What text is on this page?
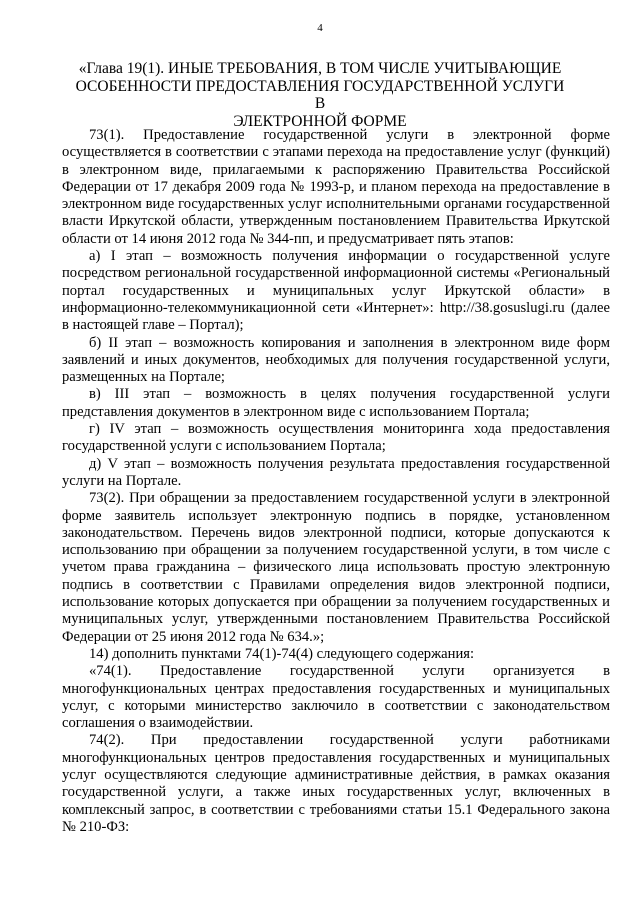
4
«Глава 19(1). ИНЫЕ ТРЕБОВАНИЯ, В ТОМ ЧИСЛЕ УЧИТЫВАЮЩИЕ
ОСОБЕННОСТИ ПРЕДОСТАВЛЕНИЯ ГОСУДАРСТВЕННОЙ УСЛУГИ В
ЭЛЕКТРОННОЙ ФОРМЕ

73(1). Предоставление государственной услуги в электронной форме осуществляется в соответствии с этапами перехода на предоставление услуг (функций) в электронном виде, прилагаемыми к распоряжению Правительства Российской Федерации от 17 декабря 2009 года № 1993-р, и планом перехода на предоставление в электронном виде государственных услуг исполнительными органами государственной власти Иркутской области, утвержденным постановлением Правительства Иркутской области от 14 июня 2012 года № 344-пп, и предусматривает пять этапов:

а) I этап – возможность получения информации о государственной услуге посредством региональной государственной информационной системы «Региональный портал государственных и муниципальных услуг Иркутской области» в информационно-телекоммуникационной сети «Интернет»: http://38.gosuslugi.ru (далее в настоящей главе – Портал);

б) II этап – возможность копирования и заполнения в электронном виде форм заявлений и иных документов, необходимых для получения государственной услуги, размещенных на Портале;

в) III этап – возможность в целях получения государственной услуги представления документов в электронном виде с использованием Портала;

г) IV этап – возможность осуществления мониторинга хода предоставления государственной услуги с использованием Портала;

д) V этап – возможность получения результата предоставления государственной услуги на Портале.

73(2). При обращении за предоставлением государственной услуги в электронной форме заявитель использует электронную подпись в порядке, установленном законодательством. Перечень видов электронной подписи, которые допускаются к использованию при обращении за получением государственной услуги, в том числе с учетом права гражданина – физического лица использовать простую электронную подпись в соответствии с Правилами определения видов электронной подписи, использование которых допускается при обращении за получением государственных и муниципальных услуг, утвержденными постановлением Правительства Российской Федерации от 25 июня 2012 года № 634.»;

14) дополнить пунктами 74(1)-74(4) следующего содержания:

«74(1). Предоставление государственной услуги организуется в многофункциональных центрах предоставления государственных и муниципальных услуг, с которыми министерство заключило в соответствии с законодательством соглашения о взаимодействии.

74(2). При предоставлении государственной услуги работниками многофункциональных центров предоставления государственных и муниципальных услуг осуществляются следующие административные действия, в рамках оказания государственной услуги, а также иных государственных услуг, включенных в комплексный запрос, в соответствии с требованиями статьи 15.1 Федерального закона № 210-ФЗ:
